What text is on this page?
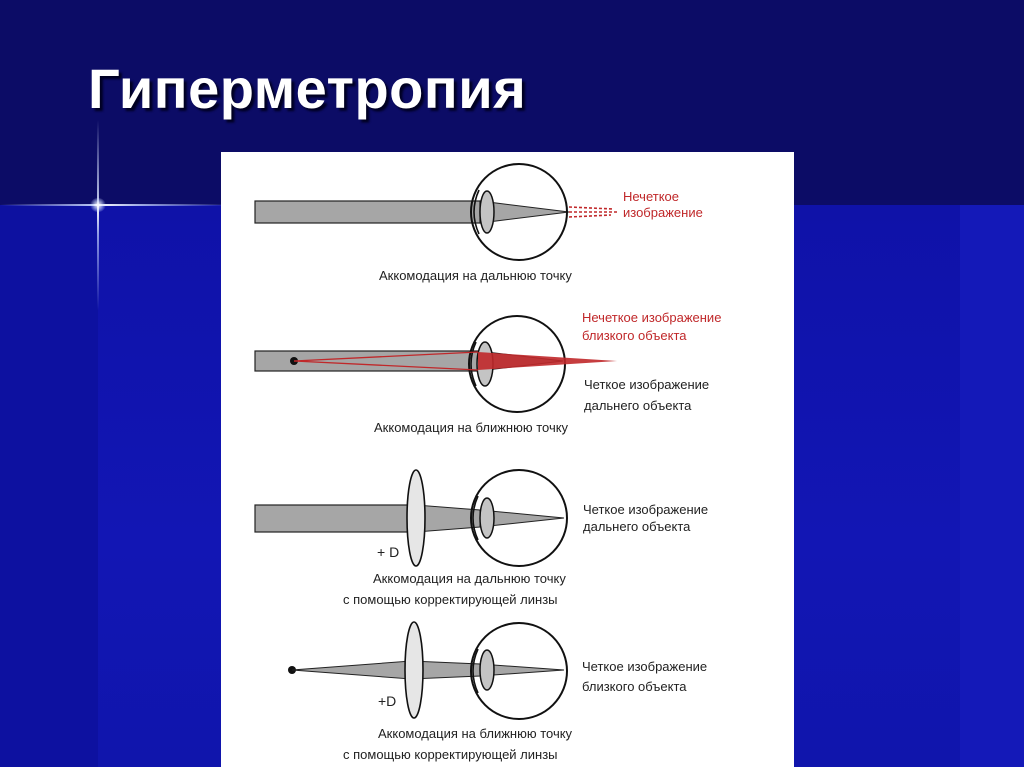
Гиперметропия
Нечеткое
изображение
Аккомодация на дальнюю точку
Нечеткое изображение
близкого объекта
Четкое изображение
дальнего объекта
Аккомодация на ближнюю точку
+ D
Четкое изображение
дальнего объекта
Аккомодация на дальнюю точку
с помощью корректирующей линзы
+D
Четкое изображение
близкого объекта
Аккомодация на ближнюю точку
с помощью корректирующей линзы
